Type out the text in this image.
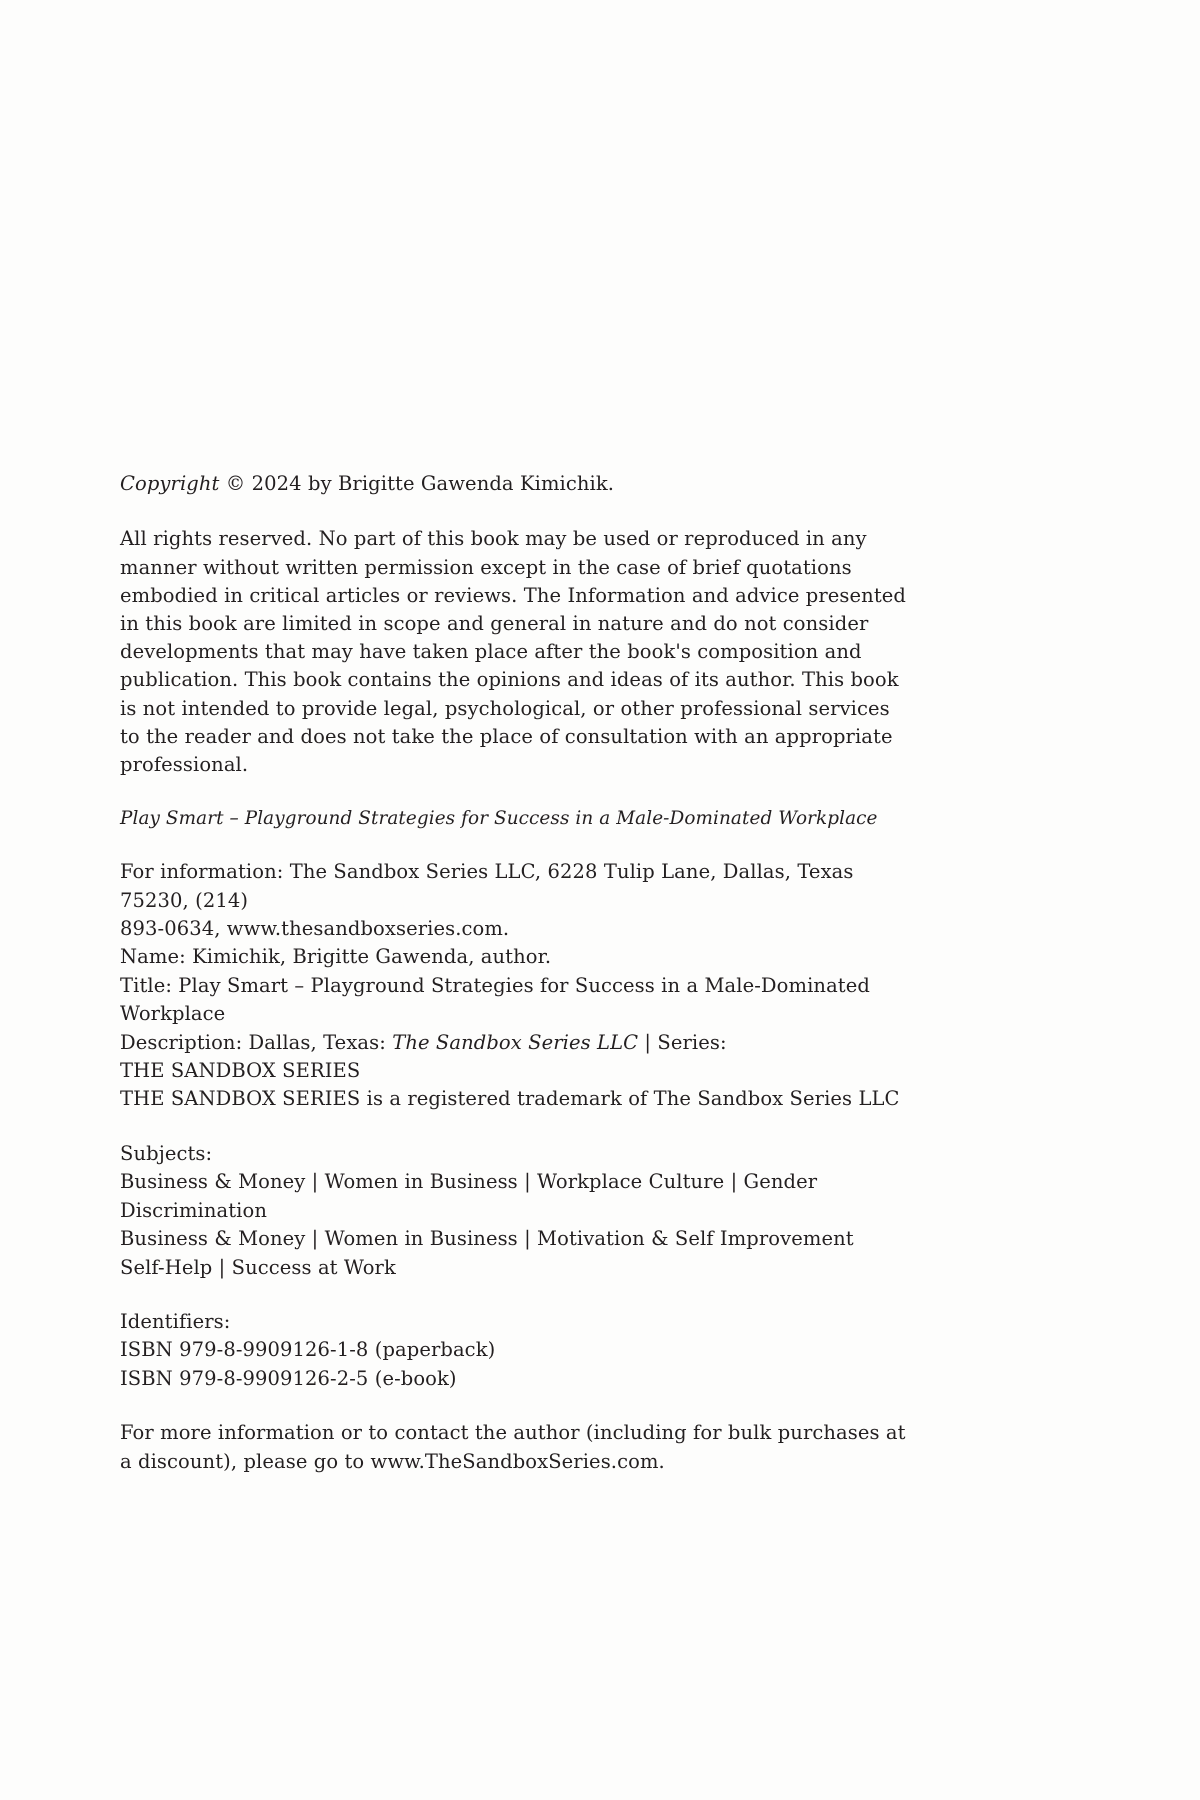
Copyright © 2024 by Brigitte Gawenda Kimichik.

All rights reserved. No part of this book may be used or reproduced in any manner without written permission except in the case of brief quotations embodied in critical articles or reviews. The Information and advice presented in this book are limited in scope and general in nature and do not consider developments that may have taken place after the book's composition and publication. This book contains the opinions and ideas of its author. This book is not intended to provide legal, psychological, or other professional services to the reader and does not take the place of consultation with an appropriate professional.

Play Smart – Playground Strategies for Success in a Male-Dominated Workplace

For information: The Sandbox Series LLC, 6228 Tulip Lane, Dallas, Texas 75230, (214)
893-0634, www.thesandboxseries.com.
Name: Kimichik, Brigitte Gawenda, author.
Title: Play Smart – Playground Strategies for Success in a Male-Dominated Workplace
Description: Dallas, Texas: The Sandbox Series LLC | Series:
THE SANDBOX SERIES
THE SANDBOX SERIES is a registered trademark of The Sandbox Series LLC

Subjects:
Business & Money | Women in Business | Workplace Culture | Gender Discrimination
Business & Money | Women in Business | Motivation & Self Improvement
Self-Help | Success at Work

Identifiers:
ISBN 979-8-9909126-1-8 (paperback)
ISBN 979-8-9909126-2-5 (e-book)

For more information or to contact the author (including for bulk purchases at a discount), please go to www.TheSandboxSeries.com.
